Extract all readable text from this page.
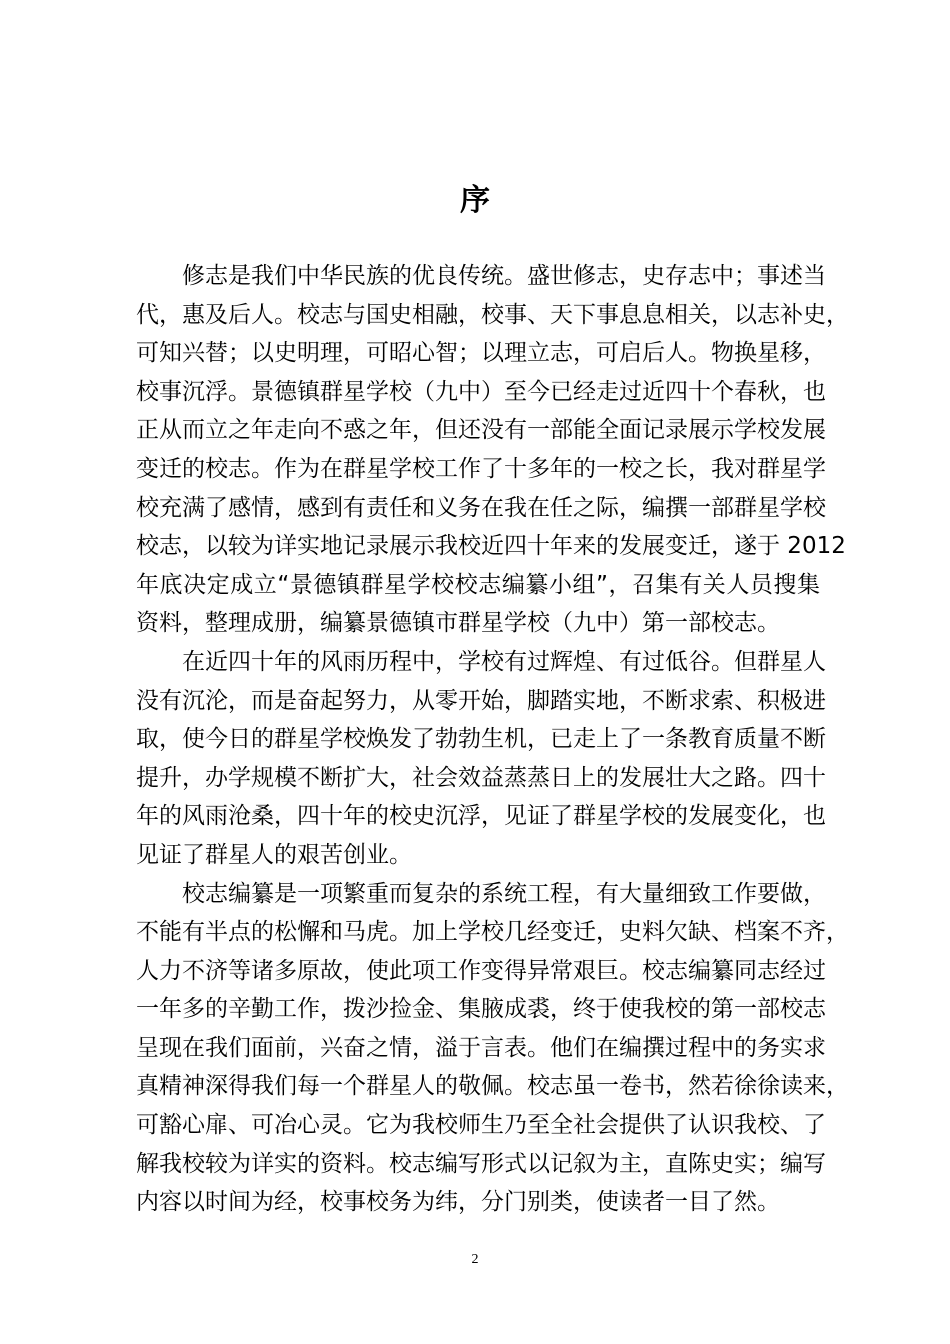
序

修志是我们中华民族的优良传统。盛世修志，史存志中；事述当
代，惠及后人。校志与国史相融，校事、天下事息息相关，以志补史，
可知兴替；以史明理，可昭心智；以理立志，可启后人。物换星移，
校事沉浮。景德镇群星学校（九中）至今已经走过近四十个春秋，也
正从而立之年走向不惑之年，但还没有一部能全面记录展示学校发展
变迁的校志。作为在群星学校工作了十多年的一校之长，我对群星学
校充满了感情，感到有责任和义务在我在任之际，编撰一部群星学校
校志，以较为详实地记录展示我校近四十年来的发展变迁，遂于 2012
年底决定成立“景德镇群星学校校志编纂小组”，召集有关人员搜集
资料，整理成册，编纂景德镇市群星学校（九中）第一部校志。

在近四十年的风雨历程中，学校有过辉煌、有过低谷。但群星人
没有沉沦，而是奋起努力，从零开始，脚踏实地，不断求索、积极进
取，使今日的群星学校焕发了勃勃生机，已走上了一条教育质量不断
提升，办学规模不断扩大，社会效益蒸蒸日上的发展壮大之路。四十
年的风雨沧桑，四十年的校史沉浮，见证了群星学校的发展变化，也
见证了群星人的艰苦创业。

校志编纂是一项繁重而复杂的系统工程，有大量细致工作要做，
不能有半点的松懈和马虎。加上学校几经变迁，史料欠缺、档案不齐，
人力不济等诸多原故，使此项工作变得异常艰巨。校志编纂同志经过
一年多的辛勤工作，拨沙捡金、集腋成裘，终于使我校的第一部校志
呈现在我们面前，兴奋之情，溢于言表。他们在编撰过程中的务实求
真精神深得我们每一个群星人的敬佩。校志虽一卷书，然若徐徐读来，
可豁心扉、可冶心灵。它为我校师生乃至全社会提供了认识我校、了
解我校较为详实的资料。校志编写形式以记叙为主，直陈史实；编写
内容以时间为经，校事校务为纬，分门别类，使读者一目了然。

2
